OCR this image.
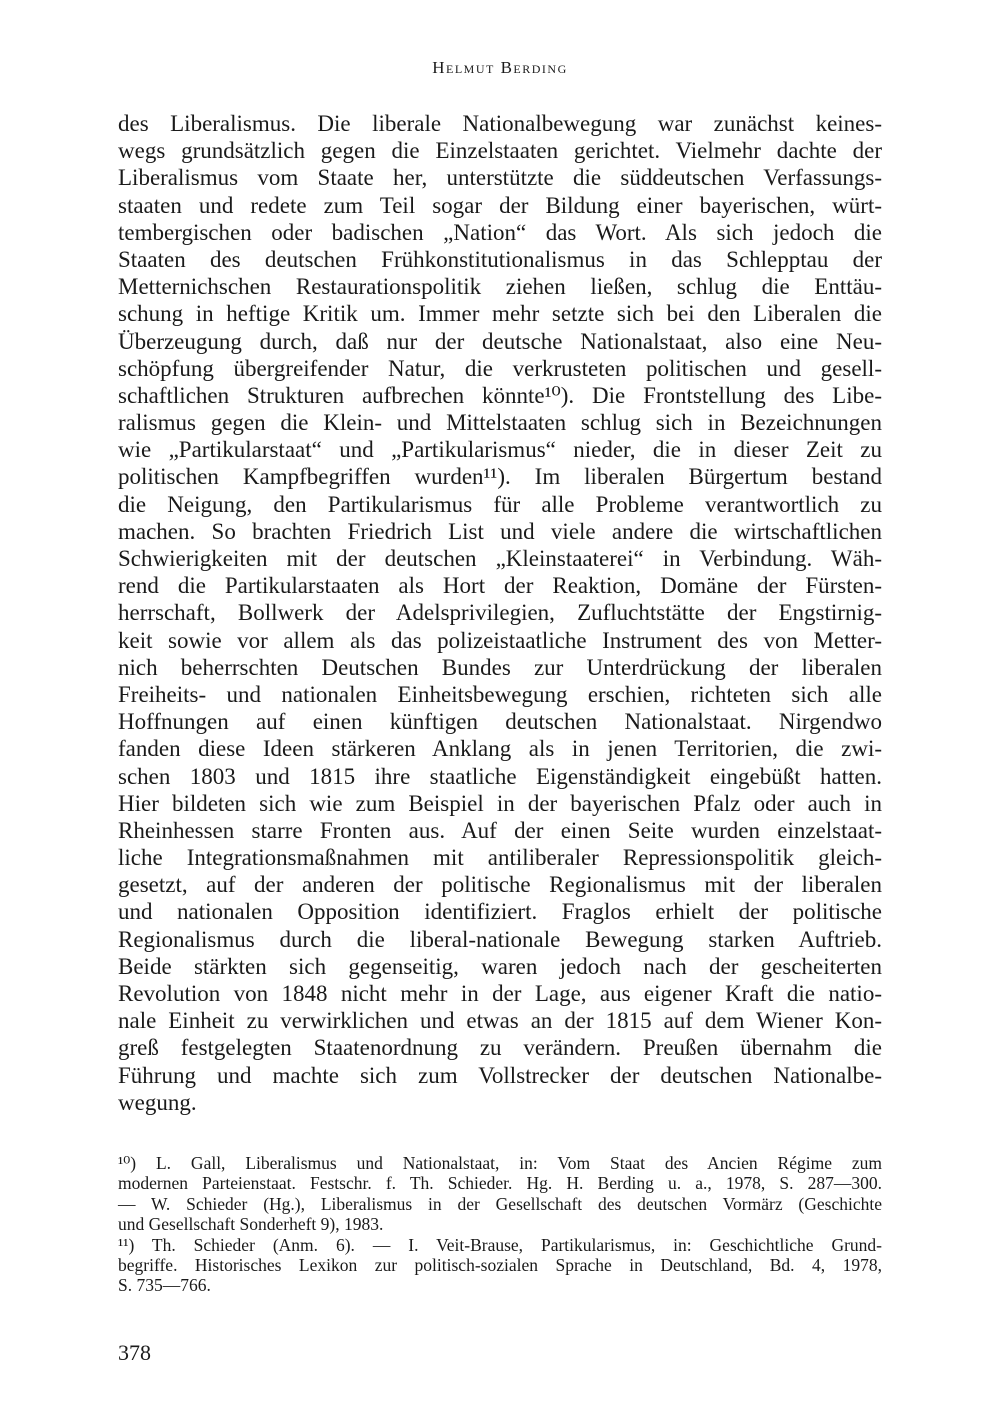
Helmut Berding
des Liberalismus. Die liberale Nationalbewegung war zunächst keines-
wegs grundsätzlich gegen die Einzelstaaten gerichtet. Vielmehr dachte der
Liberalismus vom Staate her, unterstützte die süddeutschen Verfassungs-
staaten und redete zum Teil sogar der Bildung einer bayerischen, würt-
tembergischen oder badischen „Nation“ das Wort. Als sich jedoch die
Staaten des deutschen Frühkonstitutionalismus in das Schlepptau der
Metternichschen Restaurationspolitik ziehen ließen, schlug die Enttäu-
schung in heftige Kritik um. Immer mehr setzte sich bei den Liberalen die
Überzeugung durch, daß nur der deutsche Nationalstaat, also eine Neu-
schöpfung übergreifender Natur, die verkrusteten politischen und gesell-
schaftlichen Strukturen aufbrechen könnte¹⁰). Die Frontstellung des Libe-
ralismus gegen die Klein- und Mittelstaaten schlug sich in Bezeichnungen
wie „Partikularstaat“ und „Partikularismus“ nieder, die in dieser Zeit zu
politischen Kampfbegriffen wurden¹¹). Im liberalen Bürgertum bestand
die Neigung, den Partikularismus für alle Probleme verantwortlich zu
machen. So brachten Friedrich List und viele andere die wirtschaftlichen
Schwierigkeiten mit der deutschen „Kleinstaaterei“ in Verbindung. Wäh-
rend die Partikularstaaten als Hort der Reaktion, Domäne der Fürsten-
herrschaft, Bollwerk der Adelsprivilegien, Zufluchtstätte der Engstirnig-
keit sowie vor allem als das polizeistaatliche Instrument des von Metter-
nich beherrschten Deutschen Bundes zur Unterdrückung der liberalen
Freiheits- und nationalen Einheitsbewegung erschien, richteten sich alle
Hoffnungen auf einen künftigen deutschen Nationalstaat. Nirgendwo
fanden diese Ideen stärkeren Anklang als in jenen Territorien, die zwi-
schen 1803 und 1815 ihre staatliche Eigenständigkeit eingebüßt hatten.
Hier bildeten sich wie zum Beispiel in der bayerischen Pfalz oder auch in
Rheinhessen starre Fronten aus. Auf der einen Seite wurden einzelstaat-
liche Integrationsmaßnahmen mit antiliberaler Repressionspolitik gleich-
gesetzt, auf der anderen der politische Regionalismus mit der liberalen
und nationalen Opposition identifiziert. Fraglos erhielt der politische
Regionalismus durch die liberal-nationale Bewegung starken Auftrieb.
Beide stärkten sich gegenseitig, waren jedoch nach der gescheiterten
Revolution von 1848 nicht mehr in der Lage, aus eigener Kraft die natio-
nale Einheit zu verwirklichen und etwas an der 1815 auf dem Wiener Kon-
greß festgelegten Staatenordnung zu verändern. Preußen übernahm die
Führung und machte sich zum Vollstrecker der deutschen Nationalbe-
wegung.
¹⁰) L. Gall, Liberalismus und Nationalstaat, in: Vom Staat des Ancien Régime zum
modernen Parteienstaat. Festschr. f. Th. Schieder. Hg. H. Berding u. a., 1978, S. 287—300.
— W. Schieder (Hg.), Liberalismus in der Gesellschaft des deutschen Vormärz (Geschichte
und Gesellschaft Sonderheft 9), 1983.
¹¹) Th. Schieder (Anm. 6). — I. Veit-Brause, Partikularismus, in: Geschichtliche Grund-
begriffe. Historisches Lexikon zur politisch-sozialen Sprache in Deutschland, Bd. 4, 1978,
S. 735—766.
378
